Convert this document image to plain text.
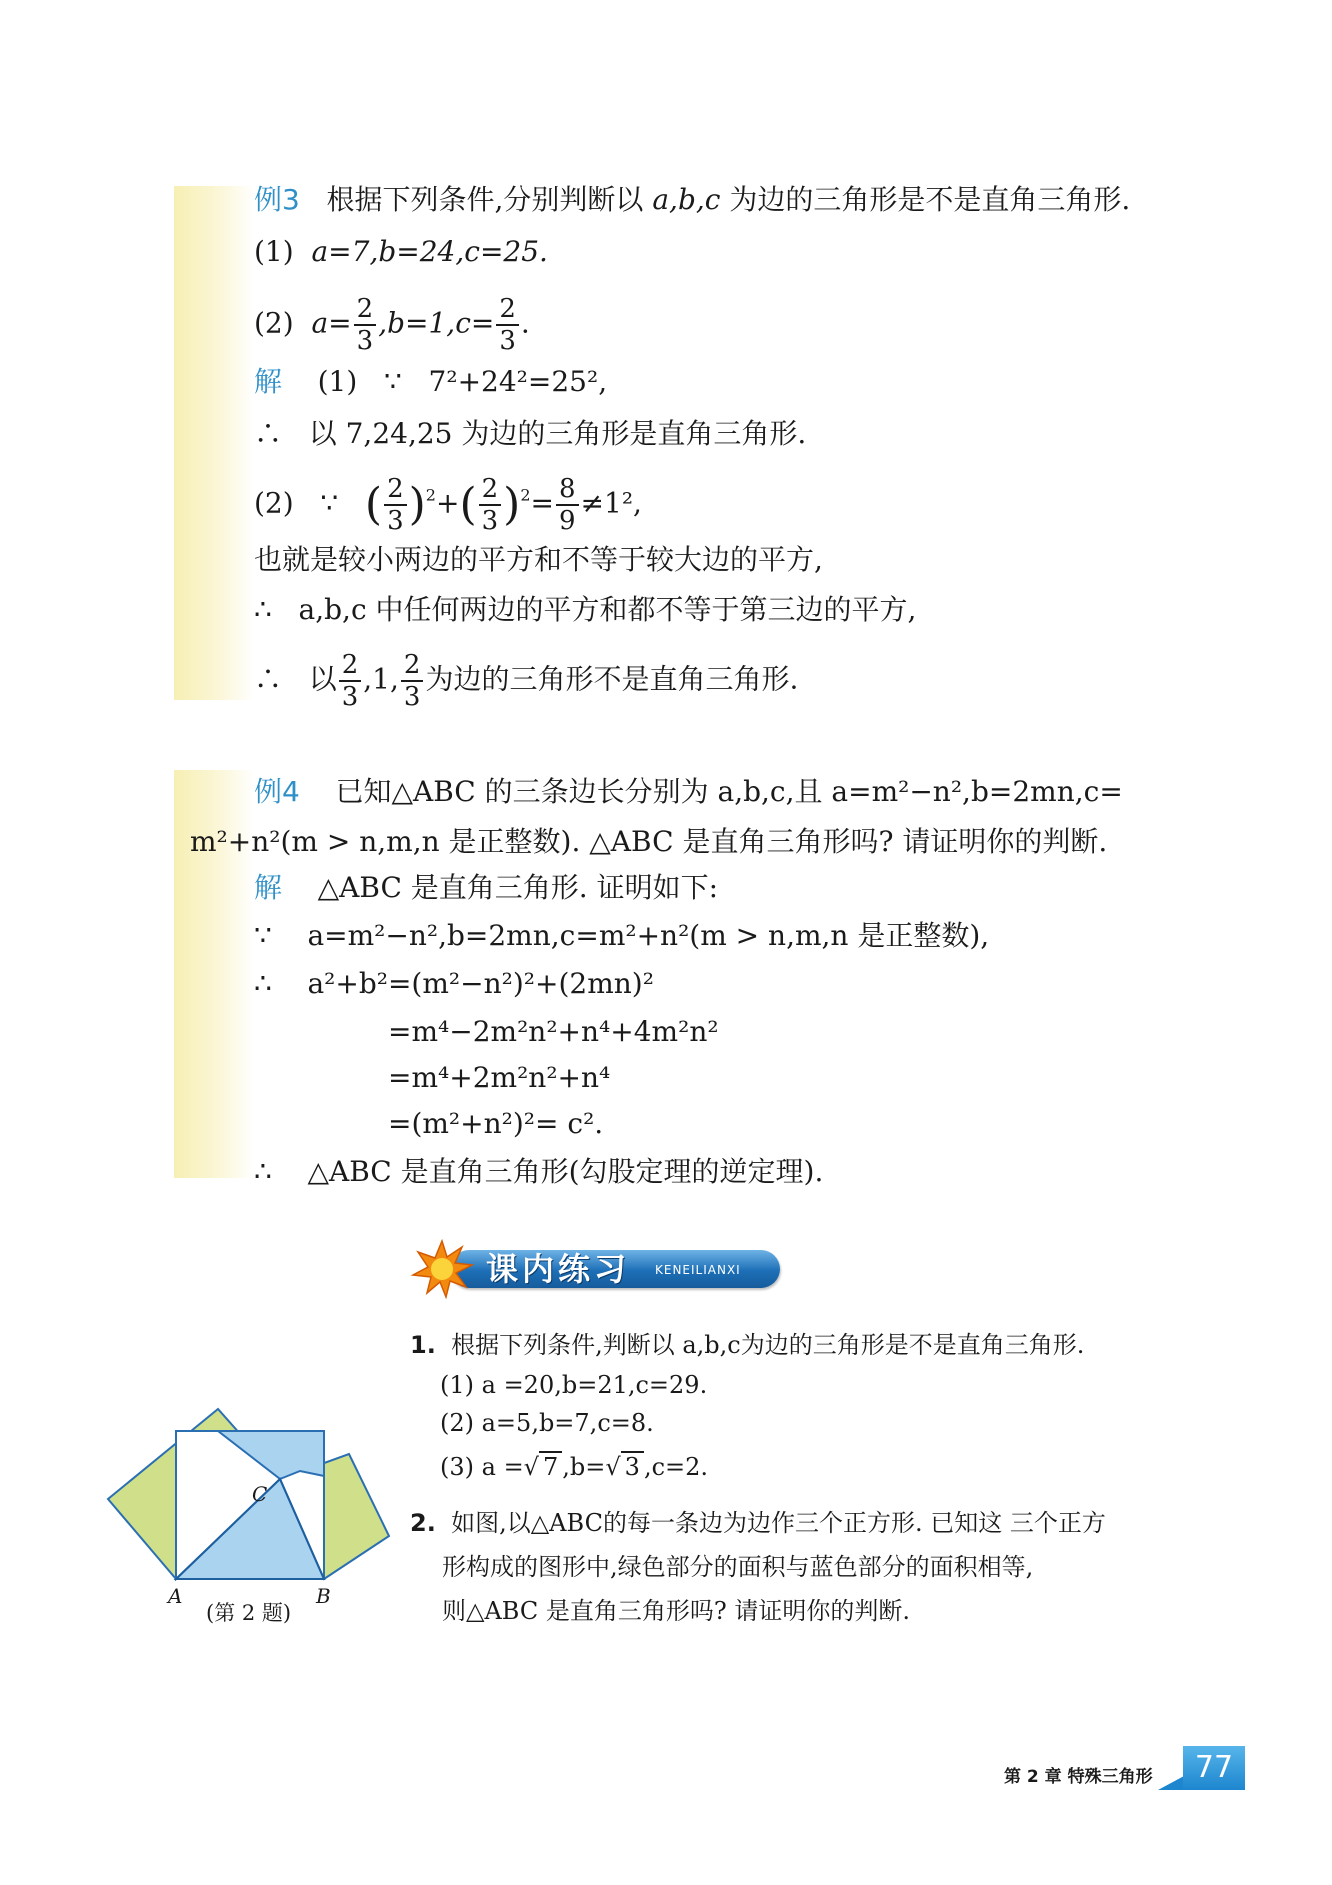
例3 根据下列条件,分别判断以 a,b,c 为边的三角形是不是直角三角形.
(1) a=7,b=24,c=25.
(2) $a= \frac{2}{3} ,b=1,c= \frac{2}{3}$ .
解 (1) ∵ 7²+24²=25²,
∴ 以 7,24,25 为边的三角形是直角三角形.
(2) ∵ ( $\frac{2}{3} )^2+( \frac{2}{3} )^2= \frac{8}{9} \ne 1^2$,
也就是较小两边的平方和不等于较大边的平方,
∴ a,b,c 中任何两边的平方和都不等于第三边的平方,
∴ 以 $\frac{2}{3} ,1$, $\frac{2}{3}$ 为边的三角形不是直角三角形.
例4 已知△ABC 的三条边长分别为 a,b,c,且 a=m²−n²,b=2mn,c=
m²+n²(m > n,m,n 是正整数). △ABC 是直角三角形吗? 请证明你的判断.
解 △ABC 是直角三角形. 证明如下:
∵ a=m²−n²,b=2mn,c=m²+n²(m > n,m,n 是正整数),
∴ a²+b²=(m²−n²)²+(2mn)²
=m⁴−2m²n²+n⁴+4m²n²
=m⁴+2m²n²+n⁴
=(m²+n²)²= c².
∴ △ABC 是直角三角形(勾股定理的逆定理).
课内练习 KENEILIANXI
A	B
C
(第 2 题)
1. 根据下列条件,判断以 a,b,c为边的三角形是不是直角三角形.
(1) a =20,b=21,c=29.
(2) a=5,b=7,c=8.
(3) a =√ 7 ,b=√ 3 ,c=2.
2. 如图,以△ABC的每一条边为边作三个正方形. 已知这 三个正方
形构成的图形中,绿色部分的面积与蓝色部分的面积相等,
则△ABC 是直角三角形吗? 请证明你的判断.
第 2 章 特殊三角形	77
